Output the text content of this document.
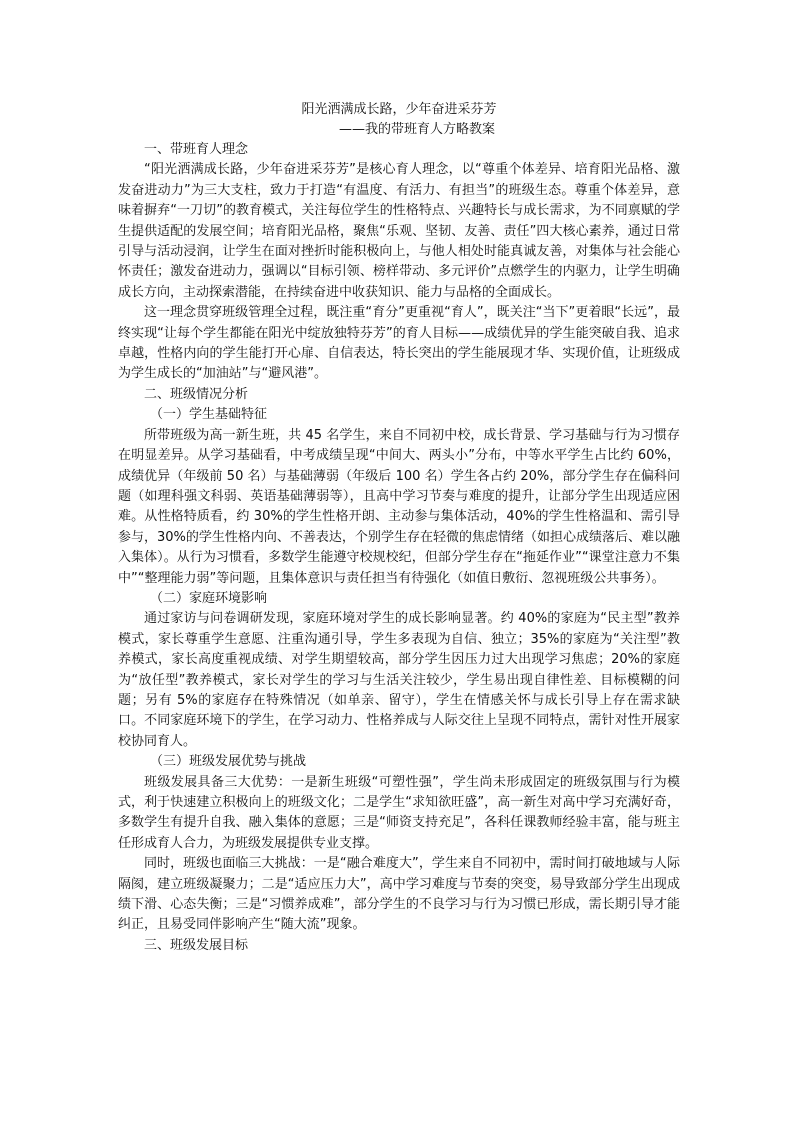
阳光洒满成长路，少年奋进采芬芳
——我的带班育人方略教案
一、带班育人理念

“阳光洒满成长路，少年奋进采芬芳”是核心育人理念，以“尊重个体差异、培育阳光品格、激发奋进动力”为三大支柱，致力于打造“有温度、有活力、有担当”的班级生态。尊重个体差异，意味着摒弃“一刀切”的教育模式，关注每位学生的性格特点、兴趣特长与成长需求，为不同禀赋的学生提供适配的发展空间；培育阳光品格，聚焦“乐观、坚韧、友善、责任”四大核心素养，通过日常引导与活动浸润，让学生在面对挫折时能积极向上，与他人相处时能真诚友善，对集体与社会能心怀责任；激发奋进动力，强调以“目标引领、榜样带动、多元评价”点燃学生的内驱力，让学生明确成长方向，主动探索潜能，在持续奋进中收获知识、能力与品格的全面成长。

这一理念贯穿班级管理全过程，既注重“育分”更重视“育人”，既关注“当下”更着眼“长远”，最终实现“让每个学生都能在阳光中绽放独特芬芳”的育人目标——成绩优异的学生能突破自我、追求卓越，性格内向的学生能打开心扉、自信表达，特长突出的学生能展现才华、实现价值，让班级成为学生成长的“加油站”与“避风港”。

二、班级情况分析
（一）学生基础特征

所带班级为高一新生班，共 45 名学生，来自不同初中校，成长背景、学习基础与行为习惯存在明显差异。从学习基础看，中考成绩呈现“中间大、两头小”分布，中等水平学生占比约 60%，成绩优异（年级前 50 名）与基础薄弱（年级后 100 名）学生各占约 20%，部分学生存在偏科问题（如理科强文科弱、英语基础薄弱等），且高中学习节奏与难度的提升，让部分学生出现适应困难。从性格特质看，约 30%的学生性格开朗、主动参与集体活动，40%的学生性格温和、需引导参与，30%的学生性格内向、不善表达，个别学生存在轻微的焦虑情绪（如担心成绩落后、难以融入集体）。从行为习惯看，多数学生能遵守校规校纪，但部分学生存在“拖延作业”“课堂注意力不集中”“整理能力弱”等问题，且集体意识与责任担当有待强化（如值日敷衍、忽视班级公共事务）。

（二）家庭环境影响

通过家访与问卷调研发现，家庭环境对学生的成长影响显著。约 40%的家庭为“民主型”教养模式，家长尊重学生意愿、注重沟通引导，学生多表现为自信、独立；35%的家庭为“关注型”教养模式，家长高度重视成绩、对学生期望较高，部分学生因压力过大出现学习焦虑；20%的家庭为“放任型”教养模式，家长对学生的学习与生活关注较少，学生易出现自律性差、目标模糊的问题；另有 5%的家庭存在特殊情况（如单亲、留守），学生在情感关怀与成长引导上存在需求缺口。不同家庭环境下的学生，在学习动力、性格养成与人际交往上呈现不同特点，需针对性开展家校协同育人。

（三）班级发展优势与挑战

班级发展具备三大优势：一是新生班级“可塑性强”，学生尚未形成固定的班级氛围与行为模式，利于快速建立积极向上的班级文化；二是学生“求知欲旺盛”，高一新生对高中学习充满好奇，多数学生有提升自我、融入集体的意愿；三是“师资支持充足”，各科任课教师经验丰富，能与班主任形成育人合力，为班级发展提供专业支撑。

同时，班级也面临三大挑战：一是“融合难度大”，学生来自不同初中，需时间打破地域与人际隔阂，建立班级凝聚力；二是“适应压力大”，高中学习难度与节奏的突变，易导致部分学生出现成绩下滑、心态失衡；三是“习惯养成难”，部分学生的不良学习与行为习惯已形成，需长期引导才能纠正，且易受同伴影响产生“随大流”现象。

三、班级发展目标
